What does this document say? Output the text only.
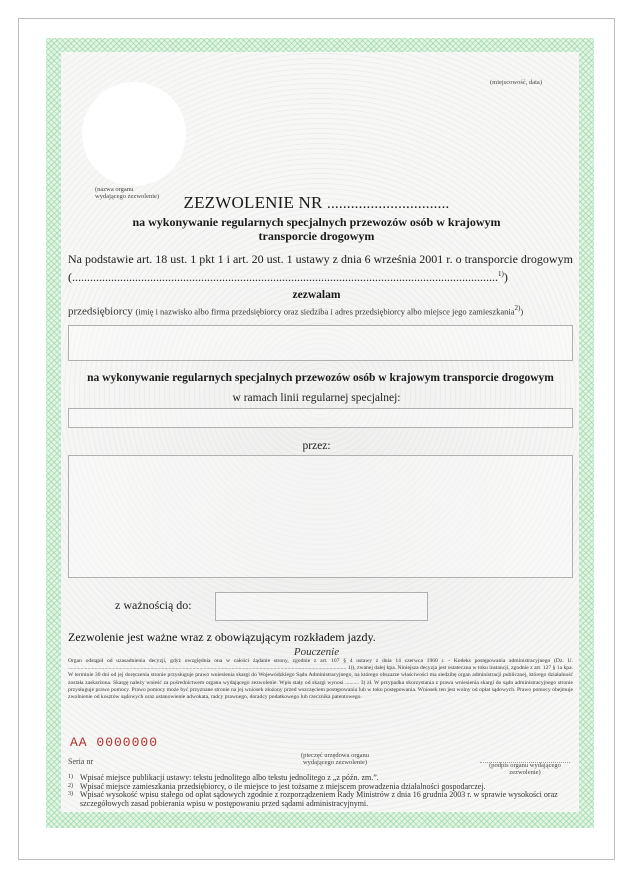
(miejscowość, data)
(nazwa organu wydającego zezwolenie)	ZEZWOLENIE NR ...............................
na wykonywanie regularnych specjalnych przewozów osób w krajowym transporcie drogowym
Na podstawie art. 18 ust. 1 pkt 1 i art. 20 ust. 1 ustawy z dnia 6 września 2001 r. o transporcie drogowym (..............................................................................................................................................$^{1)}$)
zezwalam
przedsiębiorcy (imię i nazwisko albo firma przedsiębiorcy oraz siedziba i adres przedsiębiorcy albo miejsce jego zamieszkania$^{2)}$)
na wykonywanie regularnych specjalnych przewozów osób w krajowym transporcie drogowym
w ramach linii regularnej specjalnej:
przez:
z ważnością do:
Zezwolenie jest ważne wraz z obowiązującym rozkładem jazdy.
Pouczenie
Organ odstąpił od uzasadnienia decyzji, gdyż uwzględnia ona w całości żądanie strony, zgodnie z art. 107 § 4 ustawy z dnia 14 czerwca 1960 r. - Kodeks postępowania administracyjnego (Dz. U. ....................................................................................................................................................................................................... 1)), zwanej dalej kpa. Niniejsza decyzja jest ostateczna w toku instancji, zgodnie z art. 127 § 1a kpa. W terminie 30 dni od jej doręczenia stronie przysługuje prawo wniesienia skargi do Wojewódzkiego Sądu Administracyjnego, na którego obszarze właściwości ma siedzibę organ administracji publicznej, którego działalność została zaskarżona. Skargę należy wnieść za pośrednictwem organu wydającego zezwolenie. Wpis stały od skargi wynosi .......... 3) zł. W przypadku skorzystania z prawa wniesienia skargi do sądu administracyjnego stronie przysługuje prawo pomocy. Prawo pomocy może być przyznane stronie na jej wniosek złożony przed wszczęciem postępowania lub w toku postępowania. Wniosek ten jest wolny od opłat sądowych. Prawo pomocy obejmuje zwolnienie od kosztów sądowych oraz ustanowienie adwokata, radcy prawnego, doradcy podatkowego lub rzecznika patentowego.
AA 0000000
Seria nr
(pieczęć urzędowa organu wydającego zezwolenie)	(podpis organu wydającego zezwolenie)
1) Wpisać miejsce publikacji ustawy: tekstu jednolitego albo tekstu jednolitego z „z późn. zm.”.
2) Wpisać miejsce zamieszkania przedsiębiorcy, o ile miejsce to jest tożsame z miejscem prowadzenia działalności gospodarczej.
3) Wpisać wysokość wpisu stałego od opłat sądowych zgodnie z rozporządzeniem Rady Ministrów z dnia 16 grudnia 2003 r. w sprawie wysokości oraz szczegółowych zasad pobierania wpisu w postępowaniu przed sądami administracyjnymi.
